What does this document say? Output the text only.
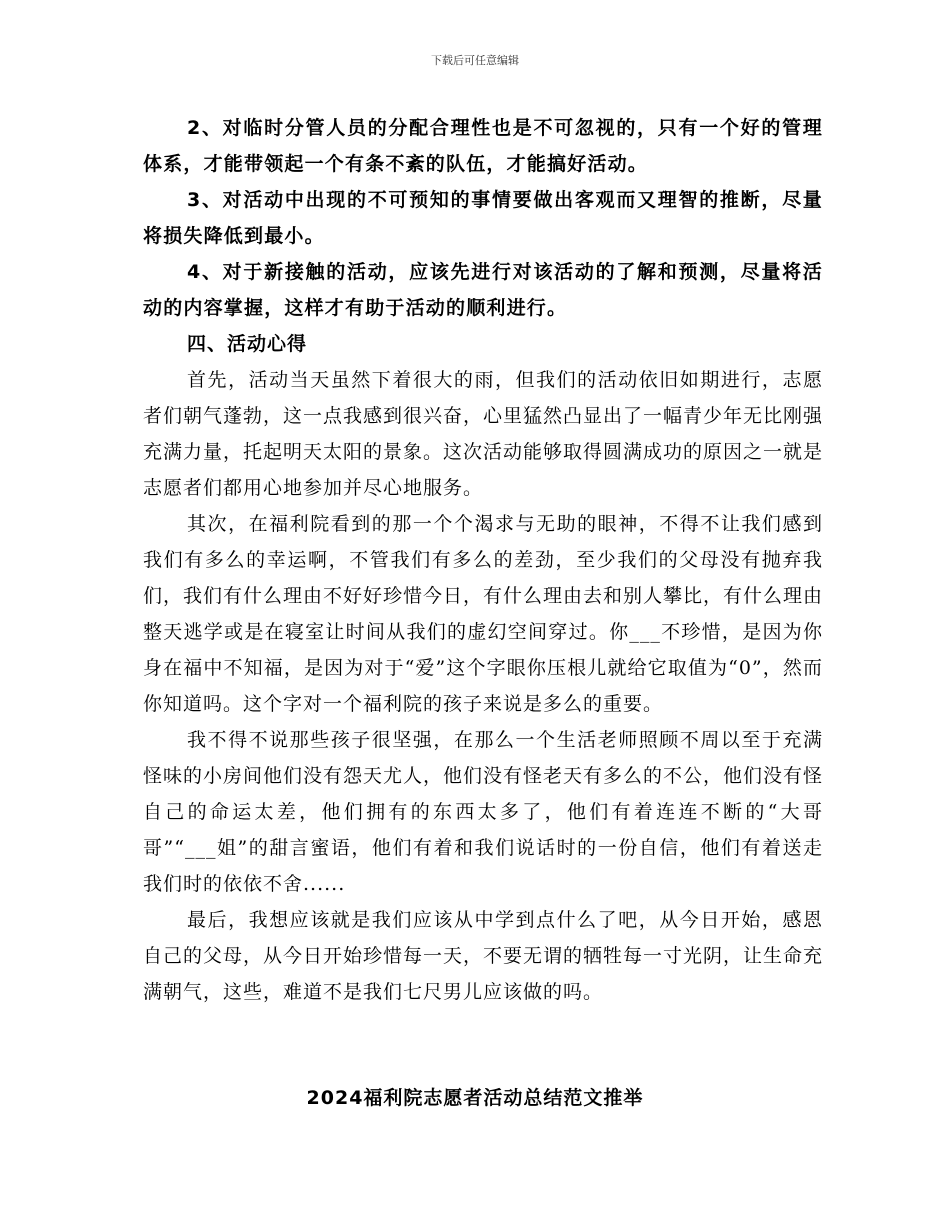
下载后可任意编辑

2、对临时分管人员的分配合理性也是不可忽视的，只有一个好的管理体系，才能带领起一个有条不紊的队伍，才能搞好活动。

3、对活动中出现的不可预知的事情要做出客观而又理智的推断，尽量将损失降低到最小。

4、对于新接触的活动，应该先进行对该活动的了解和预测，尽量将活动的内容掌握，这样才有助于活动的顺利进行。

四、活动心得

首先，活动当天虽然下着很大的雨，但我们的活动依旧如期进行，志愿者们朝气蓬勃，这一点我感到很兴奋，心里猛然凸显出了一幅青少年无比刚强充满力量，托起明天太阳的景象。这次活动能够取得圆满成功的原因之一就是志愿者们都用心地参加并尽心地服务。

其次，在福利院看到的那一个个渴求与无助的眼神，不得不让我们感到我们有多么的幸运啊，不管我们有多么的差劲，至少我们的父母没有抛弃我们，我们有什么理由不好好珍惜今日，有什么理由去和别人攀比，有什么理由整天逃学或是在寝室让时间从我们的虚幻空间穿过。你___不珍惜，是因为你身在福中不知福，是因为对于“爱”这个字眼你压根儿就给它取值为“0”，然而你知道吗。这个字对一个福利院的孩子来说是多么的重要。

我不得不说那些孩子很坚强，在那么一个生活老师照顾不周以至于充满怪味的小房间他们没有怨天尤人，他们没有怪老天有多么的不公，他们没有怪自己的命运太差，他们拥有的东西太多了，他们有着连连不断的“大哥哥”“___姐”的甜言蜜语，他们有着和我们说话时的一份自信，他们有着送走我们时的依依不舍......

最后，我想应该就是我们应该从中学到点什么了吧，从今日开始，感恩自己的父母，从今日开始珍惜每一天，不要无谓的牺牲每一寸光阴，让生命充满朝气，这些，难道不是我们七尺男儿应该做的吗。

2024福利院志愿者活动总结范文推举
